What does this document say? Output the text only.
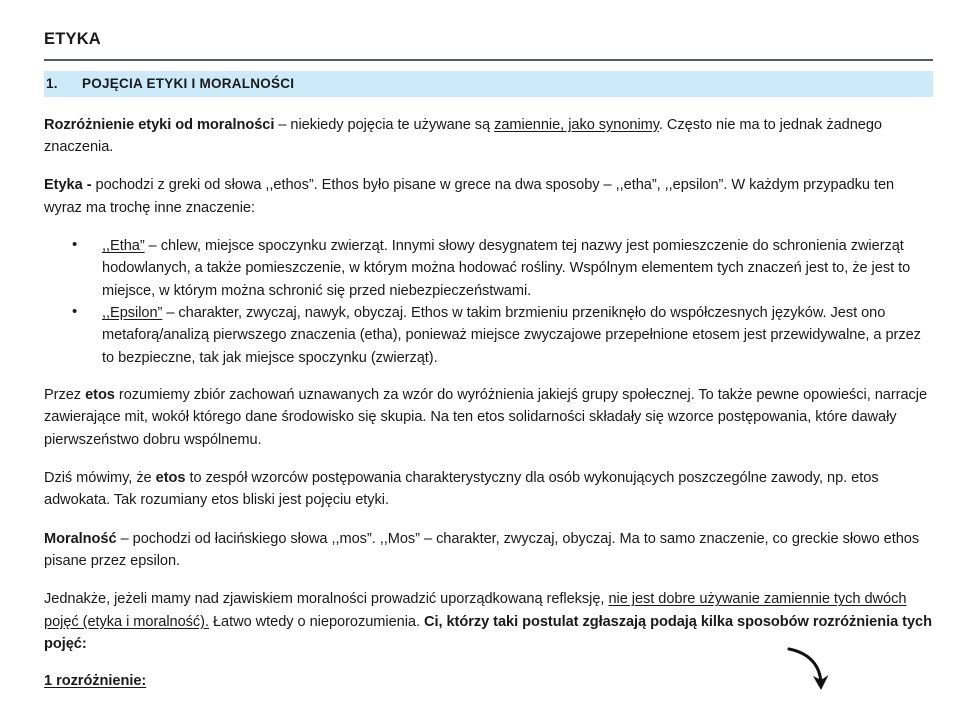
ETYKA
1.	POJĘCIA ETYKI I MORALNOŚCI

Rozróżnienie etyki od moralności – niekiedy pojęcia te używane są zamiennie, jako synonimy. Często nie ma to jednak żadnego znaczenia.

Etyka - pochodzi z greki od słowa ,,ethos”. Ethos było pisane w grece na dwa sposoby – ,,etha”, ,,epsilon”. W każdym przypadku ten wyraz ma trochę inne znaczenie:

• ,,Etha” – chlew, miejsce spoczynku zwierząt. Innymi słowy desygnatem tej nazwy jest pomieszczenie do schronienia zwierząt hodowlanych, a także pomieszczenie, w którym można hodować rośliny. Wspólnym elementem tych znaczeń jest to, że jest to miejsce, w którym można schronić się przed niebezpieczeństwami.
• ,,Epsilon” – charakter, zwyczaj, nawyk, obyczaj. Ethos w takim brzmieniu przeniknęło do współczesnych języków. Jest ono metaforą/analizą pierwszego znaczenia (etha), ponieważ miejsce zwyczajowe przepełnione etosem jest przewidywalne, a przez to bezpieczne, tak jak miejsce spoczynku (zwierząt).

Przez etos rozumiemy zbiór zachowań uznawanych za wzór do wyróżnienia jakiejś grupy społecznej. To także pewne opowieści, narracje zawierające mit, wokół którego dane środowisko się skupia. Na ten etos solidarności składały się wzorce postępowania, które dawały pierwszeństwo dobru wspólnemu.

Dziś mówimy, że etos to zespół wzorców postępowania charakterystyczny dla osób wykonujących poszczególne zawody, np. etos adwokata. Tak rozumiany etos bliski jest pojęciu etyki.

Moralność – pochodzi od łacińskiego słowa ,,mos”. ,,Mos” – charakter, zwyczaj, obyczaj. Ma to samo znaczenie, co greckie słowo ethos pisane przez epsilon.

Jednakże, jeżeli mamy nad zjawiskiem moralności prowadzić uporządkowaną refleksję, nie jest dobre używanie zamiennie tych dwóch pojęć (etyka i moralność). Łatwo wtedy o nieporozumienia. Ci, którzy taki postulat zgłaszają podają kilka sposobów rozróżnienia tych pojęć:

1 rozróżnienie:
